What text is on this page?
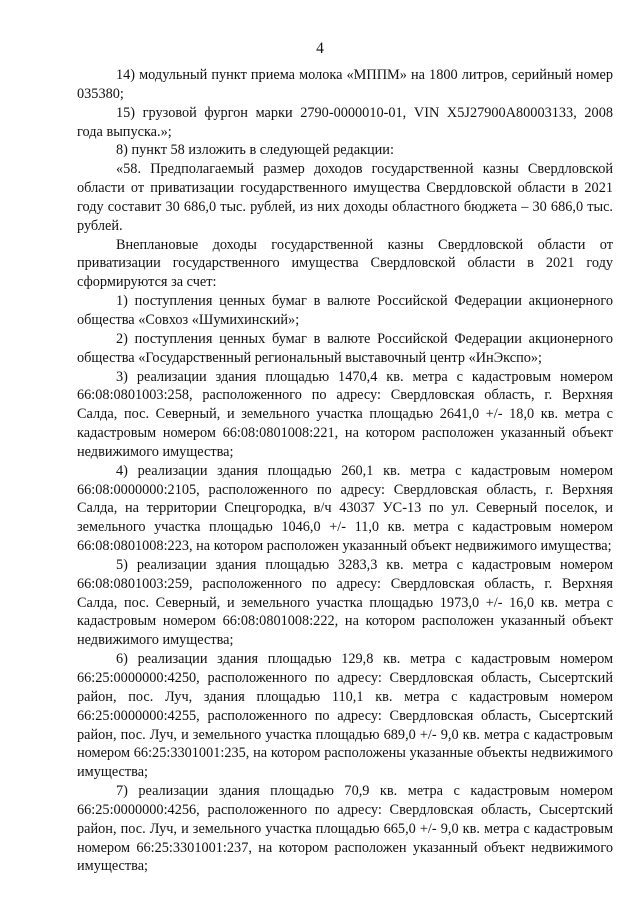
4

14) модульный пункт приема молока «МППМ» на 1800 литров, серийный номер 035380;

15) грузовой фургон марки 2790-0000010-01, VIN X5J27900A80003133, 2008 года выпуска.»;

8) пункт 58 изложить в следующей редакции:

«58. Предполагаемый размер доходов государственной казны Свердловской области от приватизации государственного имущества Свердловской области в 2021 году составит 30 686,0 тыс. рублей, из них доходы областного бюджета – 30 686,0 тыс. рублей.

Внеплановые доходы государственной казны Свердловской области от приватизации государственного имущества Свердловской области в 2021 году сформируются за счет:

1) поступления ценных бумаг в валюте Российской Федерации акционерного общества «Совхоз «Шумихинский»;

2) поступления ценных бумаг в валюте Российской Федерации акционерного общества «Государственный региональный выставочный центр «ИнЭкспо»;

3) реализации здания площадью 1470,4 кв. метра с кадастровым номером 66:08:0801003:258, расположенного по адресу: Свердловская область, г. Верхняя Салда, пос. Северный, и земельного участка площадью 2641,0 +/- 18,0 кв. метра с кадастровым номером 66:08:0801008:221, на котором расположен указанный объект недвижимого имущества;

4) реализации здания площадью 260,1 кв. метра с кадастровым номером 66:08:0000000:2105, расположенного по адресу: Свердловская область, г. Верхняя Салда, на территории Спецгородка, в/ч 43037 УС-13 по ул. Северный поселок, и земельного участка площадью 1046,0 +/- 11,0 кв. метра с кадастровым номером 66:08:0801008:223, на котором расположен указанный объект недвижимого имущества;

5) реализации здания площадью 3283,3 кв. метра с кадастровым номером 66:08:0801003:259, расположенного по адресу: Свердловская область, г. Верхняя Салда, пос. Северный, и земельного участка площадью 1973,0 +/- 16,0 кв. метра с кадастровым номером 66:08:0801008:222, на котором расположен указанный объект недвижимого имущества;

6) реализации здания площадью 129,8 кв. метра с кадастровым номером 66:25:0000000:4250, расположенного по адресу: Свердловская область, Сысертский район, пос. Луч, здания площадью 110,1 кв. метра с кадастровым номером 66:25:0000000:4255, расположенного по адресу: Свердловская область, Сысертский район, пос. Луч, и земельного участка площадью 689,0 +/- 9,0 кв. метра с кадастровым номером 66:25:3301001:235, на котором расположены указанные объекты недвижимого имущества;

7) реализации здания площадью 70,9 кв. метра с кадастровым номером 66:25:0000000:4256, расположенного по адресу: Свердловская область, Сысертский район, пос. Луч, и земельного участка площадью 665,0 +/- 9,0 кв. метра с кадастровым номером 66:25:3301001:237, на котором расположен указанный объект недвижимого имущества;
